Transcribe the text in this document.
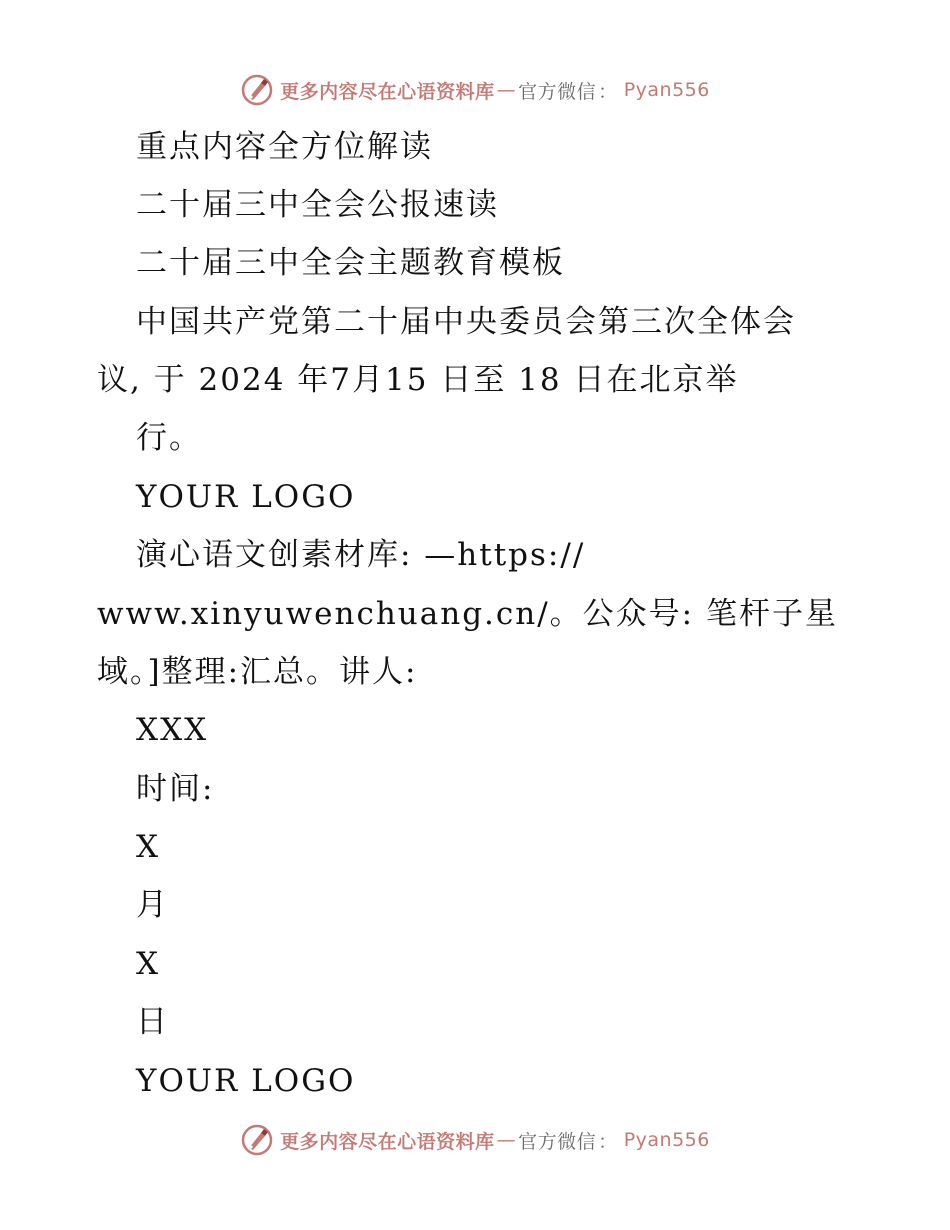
更多内容尽在心语资料库 — 官方微信 ： Pyan556
重点内容全方位解读
二十届三中全会公报速读
二十届三中全会主题教育模板
中国共产党第二十届中央委员会第三次全体会
议, 于 2024 年7月15 日至 18 日在北京举
行。
YOUR LOGO
演心语文创素材库: —https://
www.xinyuwenchuang.cn/。公众号: 笔杆子星
域。]整理:汇总。讲人:
XXX
时间:
X
月
X
日
YOUR LOGO
更多内容尽在心语资料库 — 官方微信 ： Pyan556
